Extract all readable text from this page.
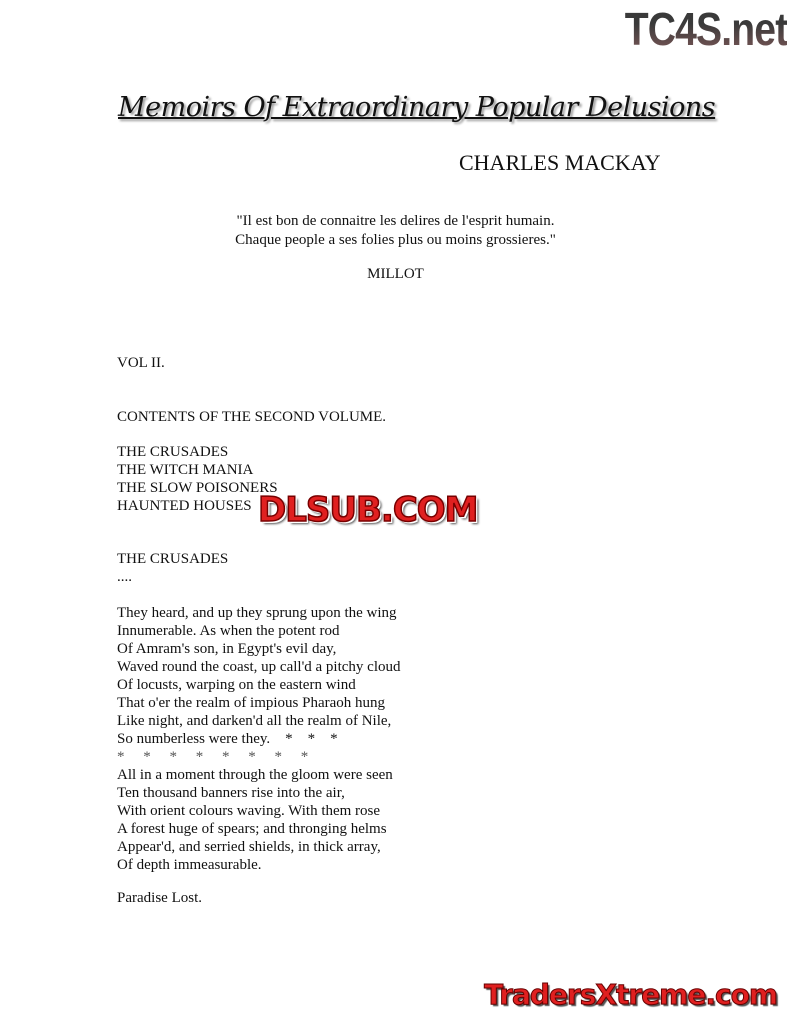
TC4S.net
Memoirs Of Extraordinary Popular Delusions
CHARLES MACKAY
"Il est bon de connaitre les delires de l'esprit humain.
Chaque people a ses folies plus ou moins grossieres."
MILLOT
VOL II.
CONTENTS OF THE SECOND VOLUME.
THE CRUSADES
THE WITCH MANIA
THE SLOW POISONERS
HAUNTED HOUSES DLSUB.COM
THE CRUSADES
....
They heard, and up they sprung upon the wing
Innumerable. As when the potent rod
Of Amram's son, in Egypt's evil day,
Waved round the coast, up call'd a pitchy cloud
Of locusts, warping on the eastern wind
That o'er the realm of impious Pharaoh hung
Like night, and darken'd all the realm of Nile,
So numberless were they.    *    *    *
*     *     *     *     *     *     *     *
All in a moment through the gloom were seen
Ten thousand banners rise into the air,
With orient colours waving. With them rose
A forest huge of spears; and thronging helms
Appear'd, and serried shields, in thick array,
Of depth immeasurable.
Paradise Lost.
TradersXtreme.com
